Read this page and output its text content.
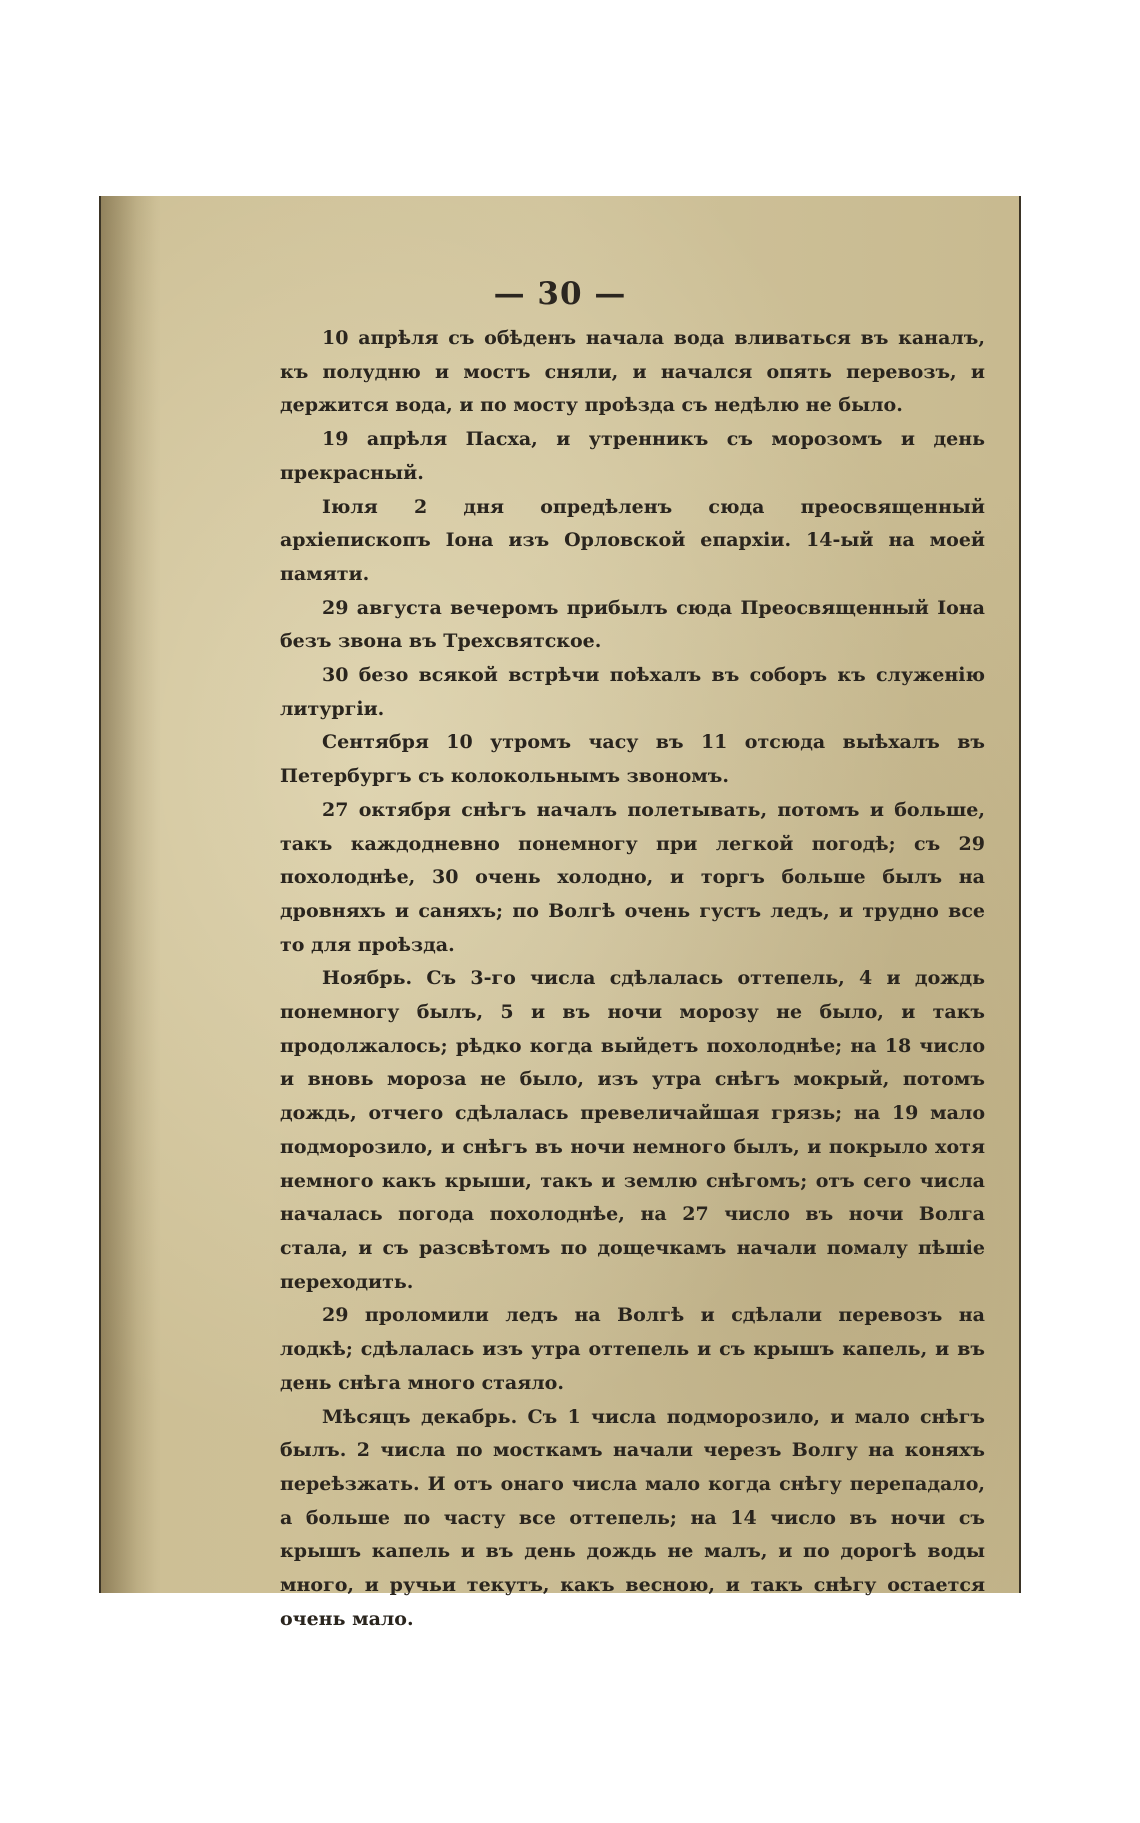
— 30 —

10 апрѣля съ обѣденъ начала вода вливаться въ каналъ, къ полудню и мостъ сняли, и начался опять перевозъ, и держится вода, и по мосту проѣзда съ недѣлю не было.

19 апрѣля Пасха, и утренникъ съ морозомъ и день прекрасный.

Iюля 2 дня опредѣленъ сюда преосвященный архiепископъ Iона изъ Орловской епархiи. 14-ый на моей памяти.

29 августа вечеромъ прибылъ сюда Преосвященный Iона безъ звона въ Трехсвятское.

30 безо всякой встрѣчи поѣхалъ въ соборъ къ служенiю литургiи.

Сентября 10 утромъ часу въ 11 отсюда выѣхалъ въ Петербургъ съ колокольнымъ звономъ.

27 октября снѣгъ началъ полетывать, потомъ и больше, такъ каждодневно понемногу при легкой погодѣ; съ 29 похолоднѣе, 30 очень холодно, и торгъ больше былъ на дровняхъ и саняхъ; по Волгѣ очень густъ ледъ, и трудно все то для проѣзда.

Ноябрь. Съ 3-го числа сдѣлалась оттепель, 4 и дождь понемногу былъ, 5 и въ ночи морозу не было, и такъ продолжалось; рѣдко когда выйдетъ похолоднѣе; на 18 число и вновь мороза не было, изъ утра снѣгъ мокрый, потомъ дождь, отчего сдѣлалась превеличайшая грязь; на 19 мало подморозило, и снѣгъ въ ночи немного былъ, и покрыло хотя немного какъ крыши, такъ и землю снѣгомъ; отъ сего числа началась погода похолоднѣе, на 27 число въ ночи Волга стала, и съ разсвѣтомъ по дощечкамъ начали помалу пѣшiе переходить.

29 проломили ледъ на Волгѣ и сдѣлали перевозъ на лодкѣ; сдѣлалась изъ утра оттепель и съ крышъ капель, и въ день снѣга много стаяло.

Мѣсяцъ декабрь. Съ 1 числа подморозило, и мало снѣгъ былъ. 2 числа по мосткамъ начали черезъ Волгу на коняхъ переѣзжать. И отъ онаго числа мало когда снѣгу перепадало, а больше по часту все оттепель; на 14 число въ ночи съ крышъ капель и въ день дождь не малъ, и по дорогѣ воды много, и ручьи текутъ, какъ весною, и такъ снѣгу остается очень мало.
